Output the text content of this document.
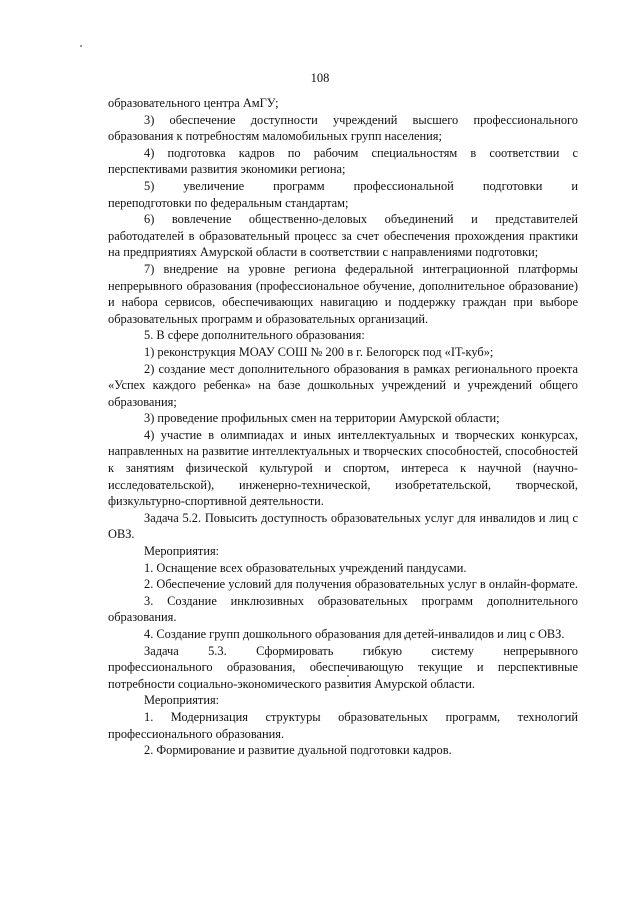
108

образовательного центра АмГУ;

3) обеспечение доступности учреждений высшего профессионального образования к потребностям маломобильных групп населения;

4) подготовка кадров по рабочим специальностям в соответствии с перспективами развития экономики региона;

5) увеличение программ профессиональной подготовки и

переподготовки по федеральным стандартам;

6) вовлечение общественно-деловых объединений и представителей работодателей в образовательный процесс за счет обеспечения прохождения практики на предприятиях Амурской области в соответствии с направлениями подготовки;

7) внедрение на уровне региона федеральной интеграционной платформы непрерывного образования (профессиональное обучение, дополнительное образование) и набора сервисов, обеспечивающих навигацию и поддержку граждан при выборе образовательных программ и образовательных организаций.

5. В сфере дополнительного образования:

1) реконструкция МОАУ СОШ № 200 в г. Белогорск под «IT-куб»;

2) создание мест дополнительного образования в рамках регионального проекта «Успех каждого ребенка» на базе дошкольных учреждений и учреждений общего образования;

3) проведение профильных смен на территории Амурской области;

4) участие в олимпиадах и иных интеллектуальных и творческих конкурсах, направленных на развитие интеллектуальных и творческих способностей, способностей к занятиям физической культурой и спортом, интереса к научной (научно-исследовательской), инженерно-технической, изобретательской, творческой, физкультурно-спортивной деятельности.

Задача 5.2. Повысить доступность образовательных услуг для инвалидов и лиц с ОВЗ.

Мероприятия:

1. Оснащение всех образовательных учреждений пандусами.

2. Обеспечение условий для получения образовательных услуг в онлайн-формате.

3. Создание инклюзивных образовательных программ дополнительного образования.

4. Создание групп дошкольного образования для детей-инвалидов и лиц с ОВЗ.

Задача 5.3. Сформировать гибкую систему непрерывного

профессионального образования, обеспечивающую текущие и перспективные потребности социально-экономического развития Амурской области.

Мероприятия:

1. Модернизация структуры образовательных программ, технологий профессионального образования.

2. Формирование и развитие дуальной подготовки кадров.
